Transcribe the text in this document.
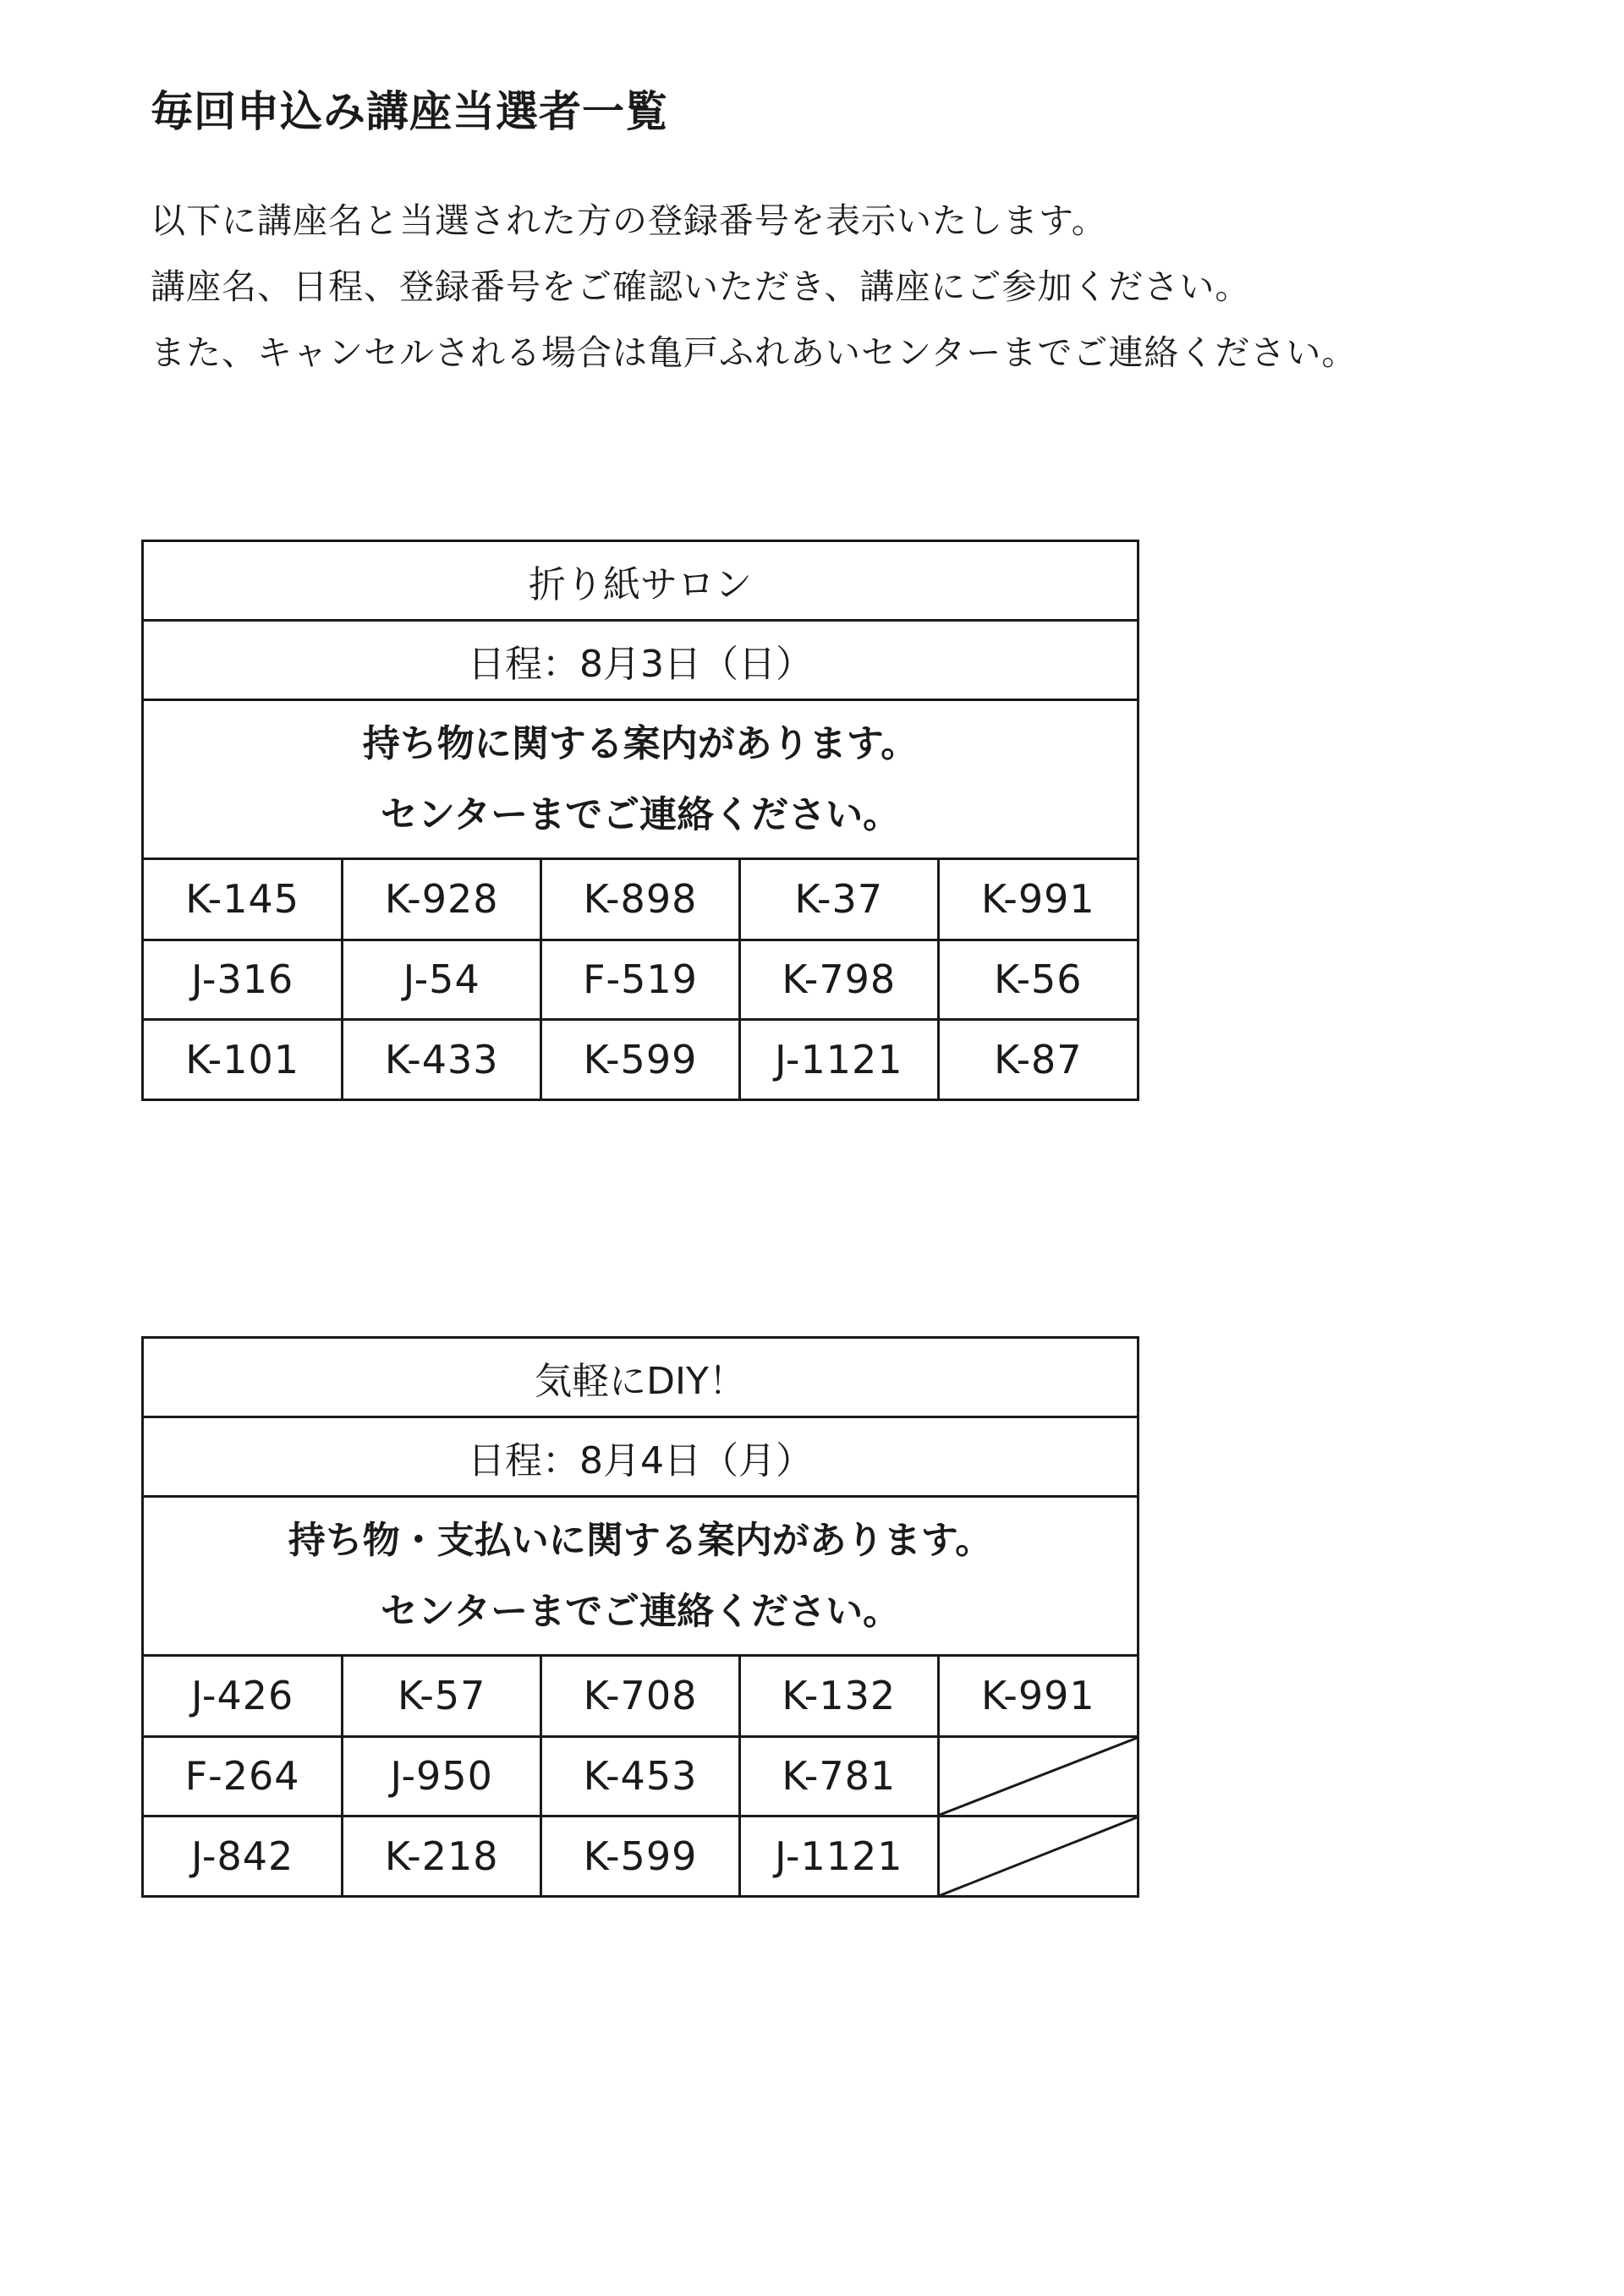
毎回申込み講座当選者一覧
以下に講座名と当選された方の登録番号を表示いたします。
講座名、日程、登録番号をご確認いただき、講座にご参加ください。
また、キャンセルされる場合は亀戸ふれあいセンターまでご連絡ください。
折り紙サロン
日程：8月3日（日）
持ち物に関する案内があります。
センターまでご連絡ください。
K-145	K-928	K-898	K-37	K-991
J-316	J-54	F-519	K-798	K-56
K-101	K-433	K-599	J-1121	K-87
気軽にDIY！
日程：8月4日（月）
持ち物・支払いに関する案内があります。
センターまでご連絡ください。
J-426	K-57	K-708	K-132	K-991
F-264	J-950	K-453	K-781	

J-842	K-218	K-599	J-1121	
